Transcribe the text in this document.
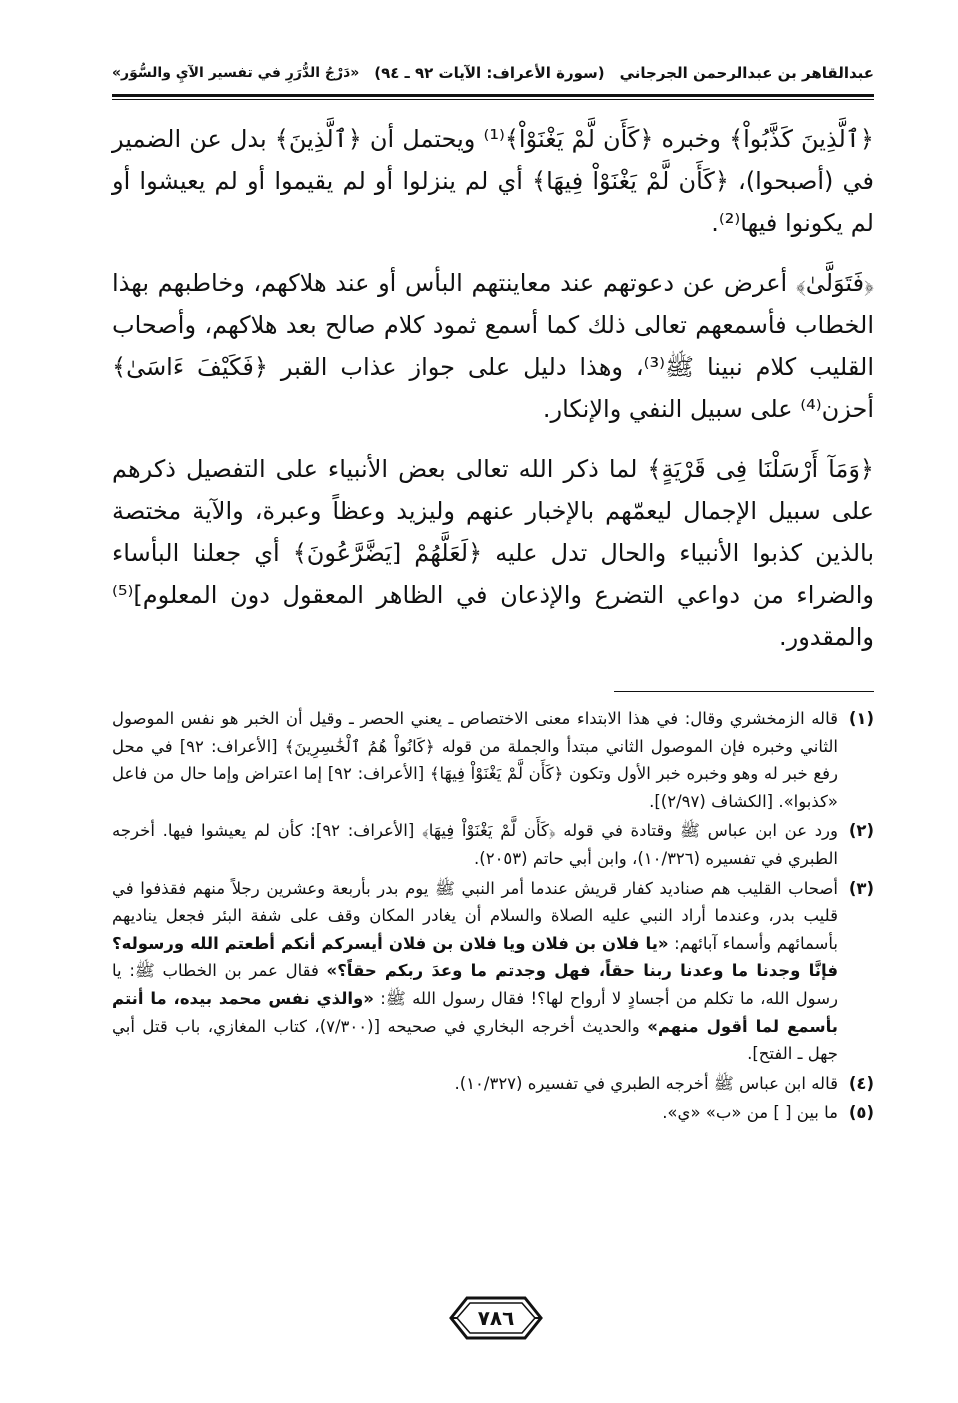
عبدالقاهر بن عبدالرحمن الجرجاني
(سورة الأعراف: الآيات ٩٢ ـ ٩٤)
«دَرْجُ الدُّرَرِ في تفسير الآيِ والسُّوَر»

﴿ٱلَّذِينَ كَذَّبُواْ﴾ وخبره ﴿كَأَن لَّمْ يَغْنَوْاْ﴾⁽¹⁾ ويحتمل أن ﴿ٱلَّذِينَ﴾ بدل عن الضمير في (أصبحوا)، ﴿كَأَن لَّمْ يَغْنَوْاْ فِيهَا﴾ أي لم ينزلوا أو لم يقيموا أو لم يعيشوا أو لم يكونوا فيها⁽²⁾.

﴿فَتَوَلَّىٰ﴾ أعرض عن دعوتهم عند معاينتهم البأس أو عند هلاكهم، وخاطبهم بهذا الخطاب فأسمعهم تعالى ذلك كما أسمع ثمود كلام صالح بعد هلاكهم، وأصحاب القليب كلام نبينا ﷺ⁽³⁾، وهذا دليل على جواز عذاب القبر ﴿فَكَيْفَ ءَاسَىٰ﴾ أحزن⁽⁴⁾ على سبيل النفي والإنكار.

﴿وَمَآ أَرْسَلْنَا فِى قَرْيَةٍ﴾ لما ذكر الله تعالى بعض الأنبياء على التفصيل ذكرهم على سبيل الإجمال ليعمّهم بالإخبار عنهم وليزيد وعظاً وعبرة، والآية مختصة بالذين كذبوا الأنبياء والحال تدل عليه ﴿لَعَلَّهُمْ [يَضَّرَّعُونَ﴾ أي جعلنا البأساء والضراء من دواعي التضرع والإذعان في الظاهر المعقول دون المعلوم]⁽⁵⁾ والمقدور.

(١)
قاله الزمخشري وقال: في هذا الابتداء معنى الاختصاص ـ يعني الحصر ـ وقيل أن الخبر هو نفس الموصول الثاني وخبره فإن الموصول الثاني مبتدأ والجملة من قوله ﴿كَانُواْ هُمُ ٱلْخَٰسِرِينَ﴾ [الأعراف: ٩٢] في محل رفع خبر له وهو وخبره خبر الأول وتكون ﴿كَأَن لَّمْ يَغْنَوْاْ فِيهَا﴾ [الأعراف: ٩٢] إما اعتراض وإما حال من فاعل «كذبوا». [الكشاف (٢/٩٧)].
(٢)
ورد عن ابن عباس ﷺ وقتادة في قوله ﴿كَأَن لَّمْ يَغْنَوْاْ فِيهَا﴾ [الأعراف: ٩٢]: كأن لم يعيشوا فيها. أخرجه الطبري في تفسيره (١٠/٣٢٦)، وابن أبي حاتم (٢٠٥٣).
(٣)
أصحاب القليب هم صناديد كفار قريش عندما أمر النبي ﷺ يوم بدر بأربعة وعشرين رجلاً منهم فقذفوا في قليب بدر، وعندما أراد النبي عليه الصلاة والسلام أن يغادر المكان وقف على شفة البئر فجعل يناديهم بأسمائهم وأسماء آبائهم: «يا فلان بن فلان ويا فلان بن فلان أيسركم أنكم أطعتم الله ورسوله؟ فإنَّا وجدنا ما وعدنا ربنا حقاً، فهل وجدتم ما وعدَ ربكم حقاً؟» فقال عمر بن الخطاب ﷺ: يا رسول الله، ما تكلم من أجسادٍ لا أرواح لها؟! فقال رسول الله ﷺ: «والذي نفس محمد بيده، ما أنتم بأسمع لما أقول منهم» والحديث أخرجه البخاري في صحيحه [(٧/٣٠٠)، كتاب المغازي، باب قتل أبي جهل ـ الفتح].
(٤)
قاله ابن عباس ﷺ أخرجه الطبري في تفسيره (١٠/٣٢٧).
(٥)
ما بين [ ] من «ب» «ي».
٧٨٦
